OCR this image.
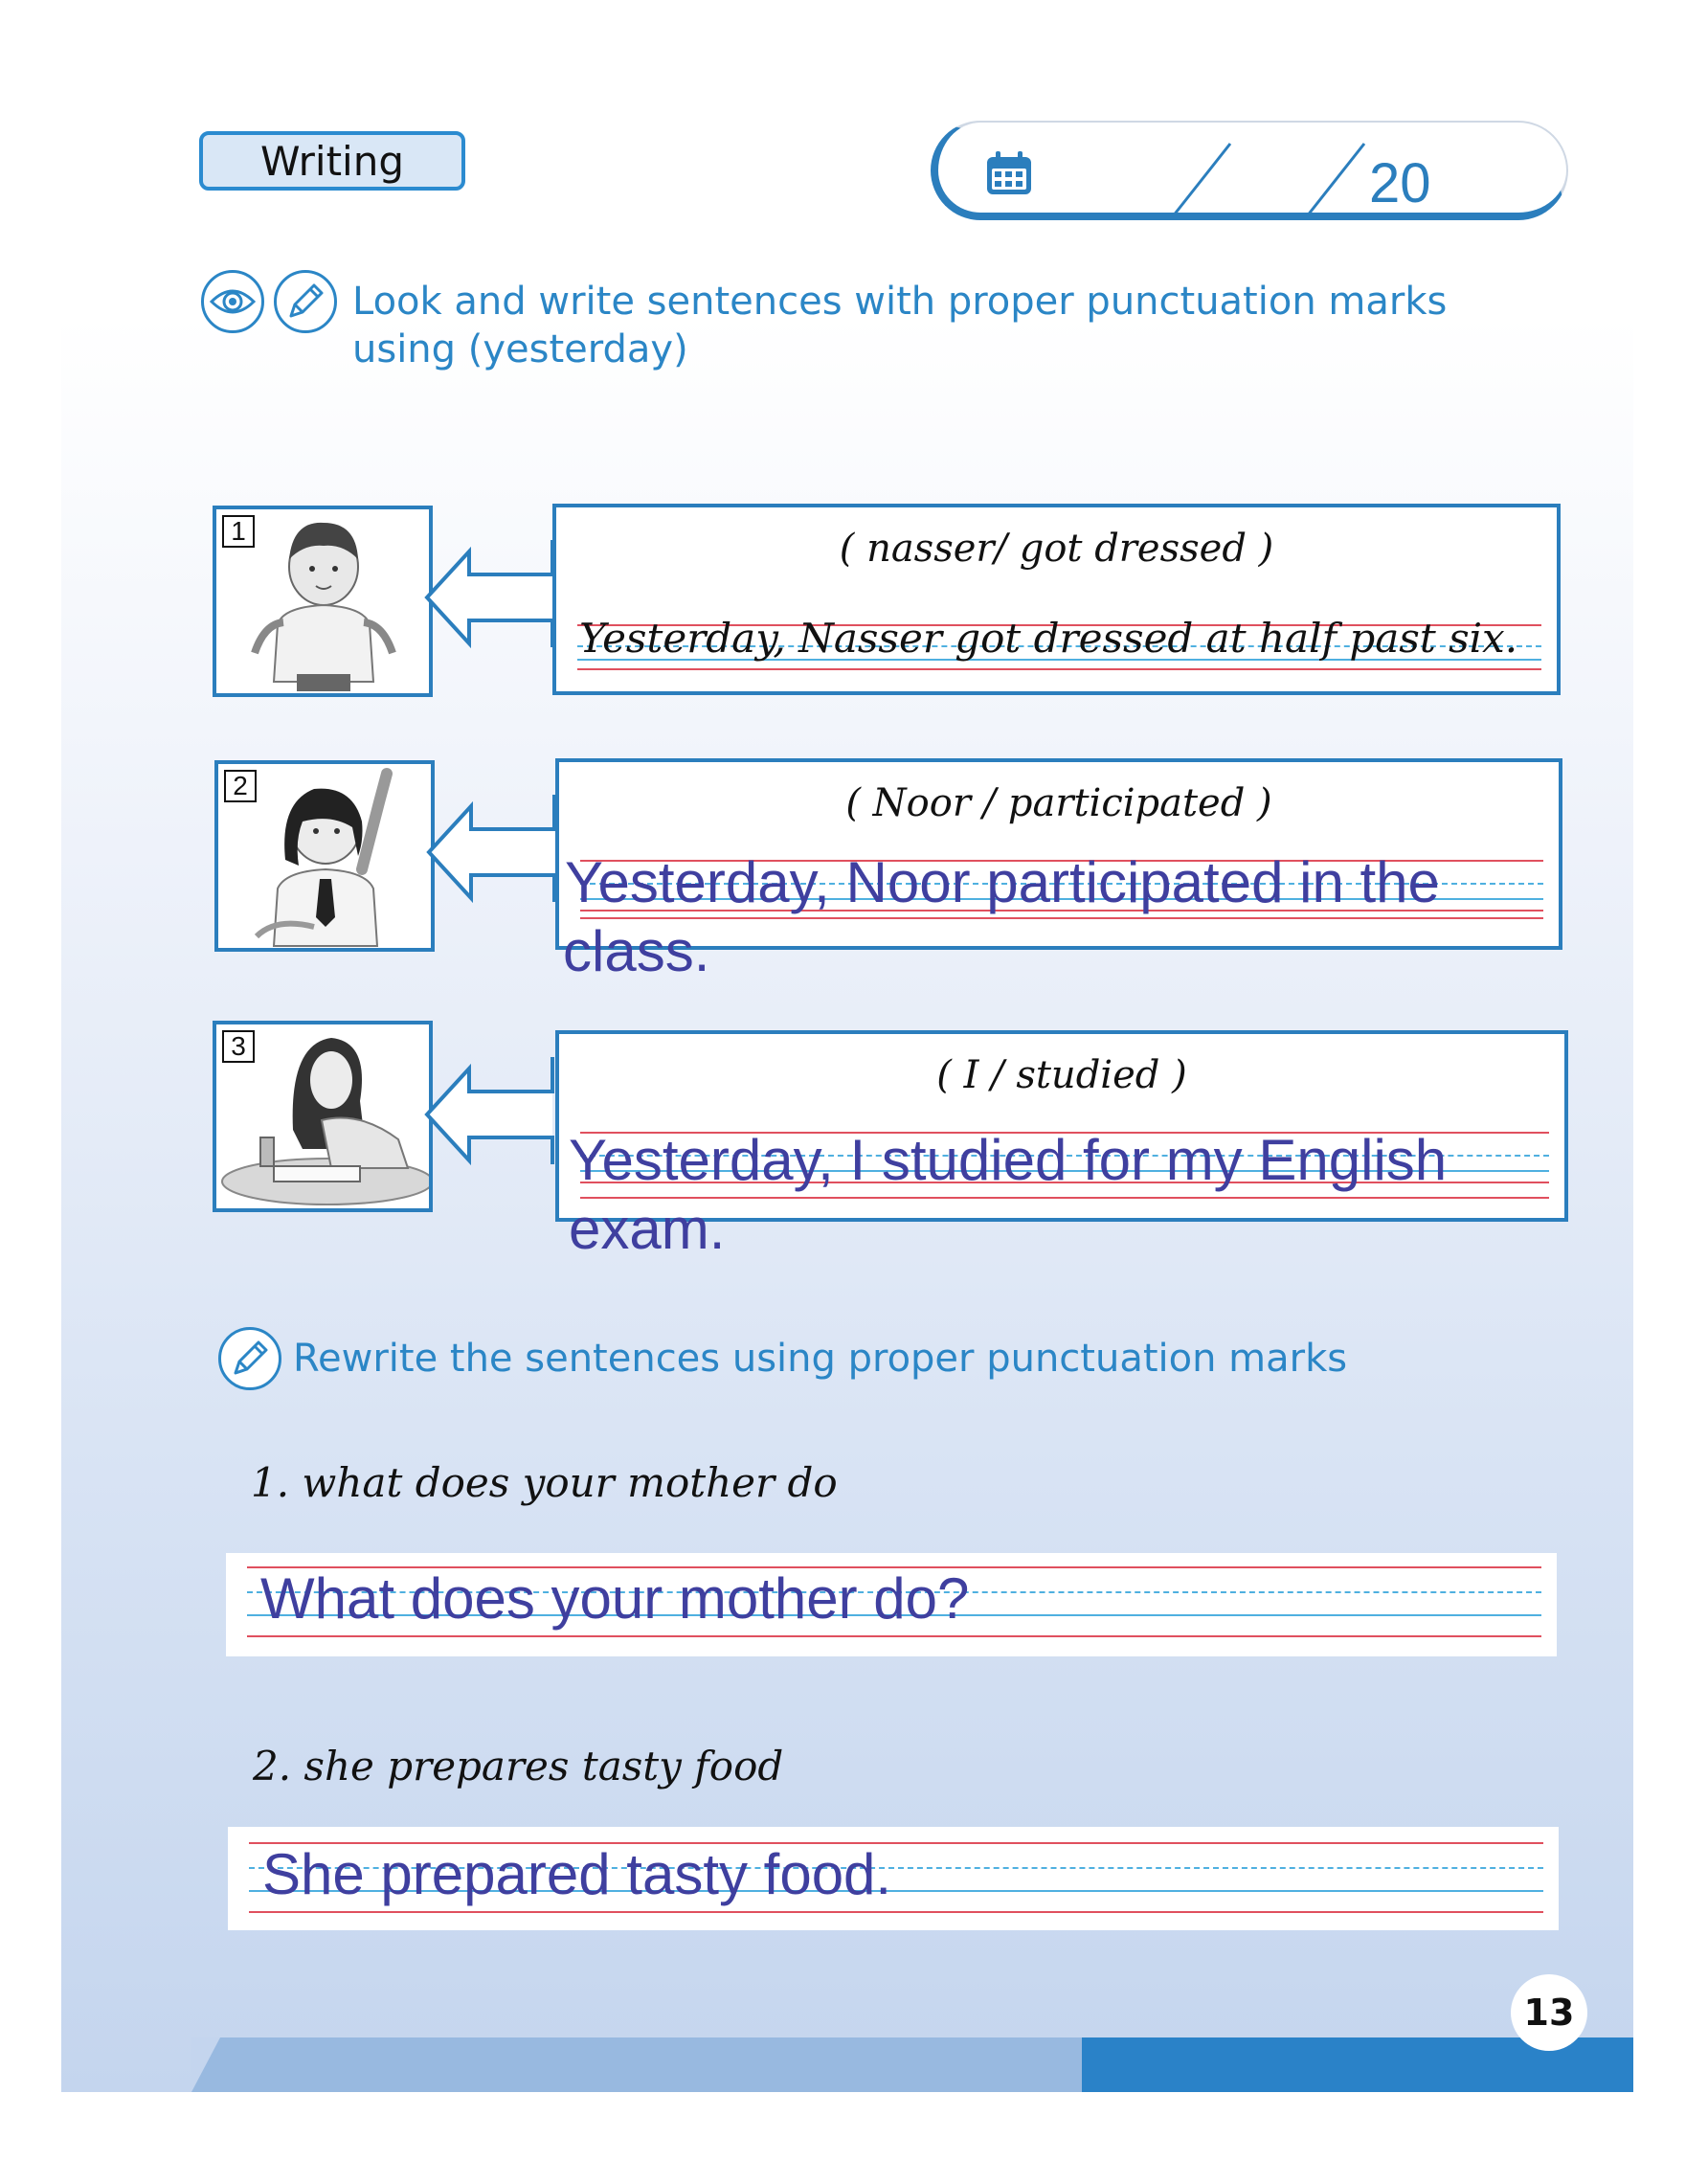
Writing	20
Look and write sentences with proper punctuation marks
using (yesterday)
1	( nasser/ got dressed )
Yesterday, Nasser got dressed at half past six.
2	( Noor / participated )
Yesterday, Noor participated in the
class.
3
( I / studied )
Yesterday, I studied for my English
exam.
Rewrite the sentences using proper punctuation marks
1. what does your mother do
What does your mother do?
2. she prepares tasty food
She prepared tasty food.
13
